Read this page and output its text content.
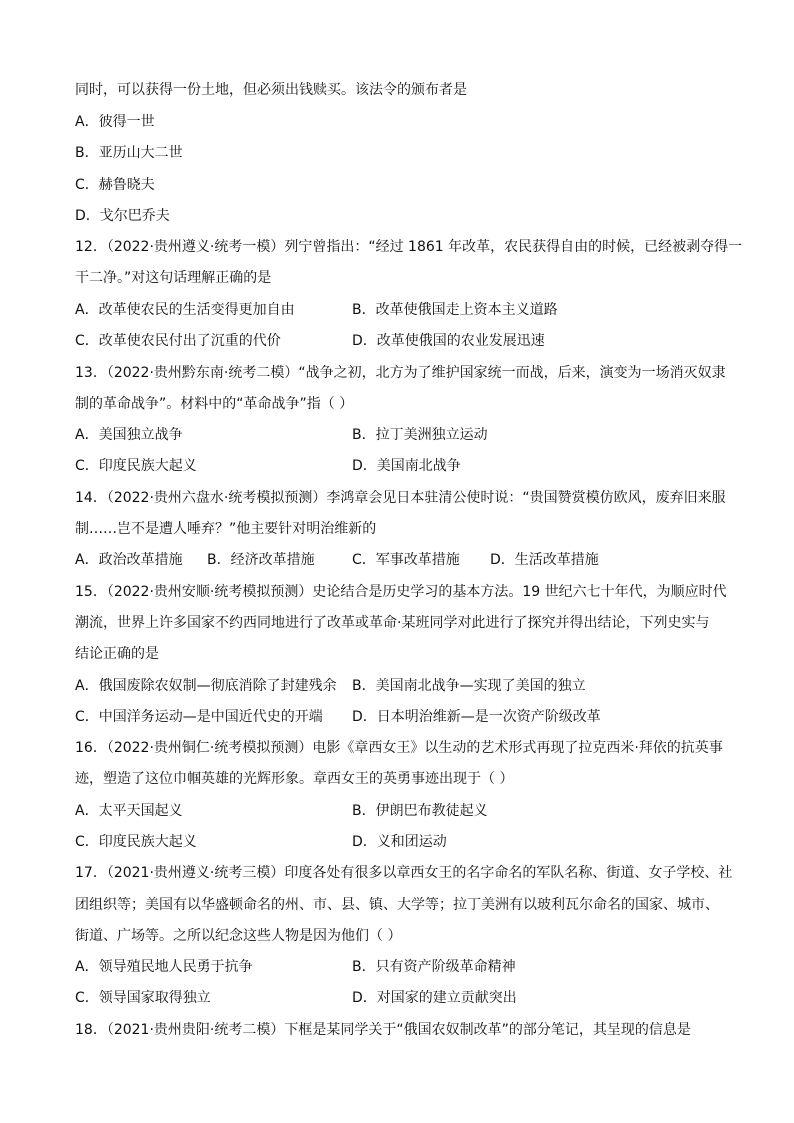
同时，可以获得一份土地，但必须出钱赎买。该法令的颁布者是
A．彼得一世
B．亚历山大二世
C．赫鲁晓夫
D．戈尔巴乔夫
12．（2022·贵州遵义·统考一模）列宁曾指出：“经过 1861 年改革，农民获得自由的时候，已经被剥夺得一
干二净。”对这句话理解正确的是
A．改革使农民的生活变得更加自由	B．改革使俄国走上资本主义道路
C．改革使农民付出了沉重的代价	D．改革使俄国的农业发展迅速
13．（2022·贵州黔东南·统考二模）“战争之初，北方为了维护国家统一而战，后来，演变为一场消灭奴隶
制的革命战争”。材料中的“革命战争”指（ ）
A．美国独立战争	B．拉丁美洲独立运动
C．印度民族大起义	D．美国南北战争
14．（2022·贵州六盘水·统考模拟预测）李鸿章会见日本驻清公使时说：“贵国赞赏模仿欧风，废弃旧来服
制……岂不是遭人唾弃？”他主要针对明治维新的
A．政治改革措施 B．经济改革措施	C．军事改革措施 D．生活改革措施
15．（2022·贵州安顺·统考模拟预测）史论结合是历史学习的基本方法。19 世纪六七十年代，为顺应时代
潮流，世界上许多国家不约西同地进行了改革或革命·某班同学对此进行了探究并得出结论，下列史实与
结论正确的是
A．俄国废除农奴制—彻底消除了封建残余 B．美国南北战争—实现了美国的独立
C．中国洋务运动—是中国近代史的开端 D．日本明治维新—是一次资产阶级改革
16．（2022·贵州铜仁·统考模拟预测）电影《章西女王》以生动的艺术形式再现了拉克西米·拜依的抗英事
迹，塑造了这位巾帼英雄的光辉形象。章西女王的英勇事迹出现于（ ）
A．太平天国起义	B．伊朗巴布教徒起义
C．印度民族大起义	D．义和团运动
17．（2021·贵州遵义·统考三模）印度各处有很多以章西女王的名字命名的军队名称、街道、女子学校、社
团组织等；美国有以华盛顿命名的州、市、县、镇、大学等；拉丁美洲有以玻利瓦尔命名的国家、城市、
街道、广场等。之所以纪念这些人物是因为他们（ ）
A．领导殖民地人民勇于抗争	B．只有资产阶级革命精神
C．领导国家取得独立	D．对国家的建立贡献突出
18．（2021·贵州贵阳·统考二模）下框是某同学关于“俄国农奴制改革”的部分笔记，其呈现的信息是
